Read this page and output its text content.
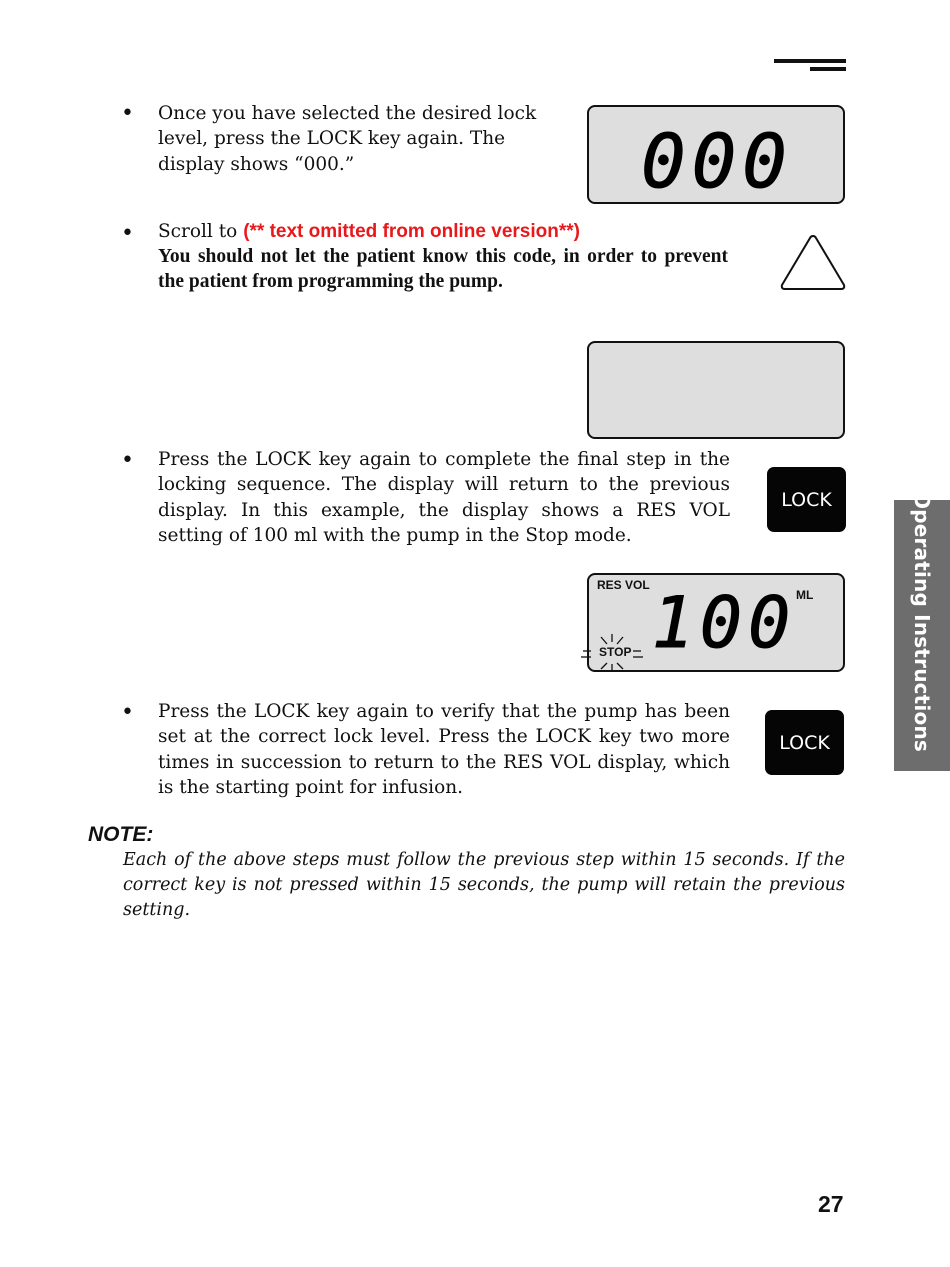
• Once you have selected the desired lock level, press the LOCK key again. The display shows “000.”	000
• Scroll to (** text omitted from online version**)
You should not let the patient know this code, in order to prevent the patient from programming the pump.
• Press the LOCK key again to complete the final step in the locking sequence. The display will return to the previous display. In this example, the display shows a RES VOL setting of 100 ml with the pump in the Stop mode.

LOCK
RES VOL
ML
100
STOP
• Press the LOCK key again to verify that the pump has been set at the correct lock level. Press the LOCK key two more times in succession to return to the RES VOL display, which is the starting point for infusion.

LOCK
NOTE:

Each of the above steps must follow the previous step within 15 seconds. If the correct key is not pressed within 15 seconds, the pump will retain the previous setting.

Operating Instructions
27
